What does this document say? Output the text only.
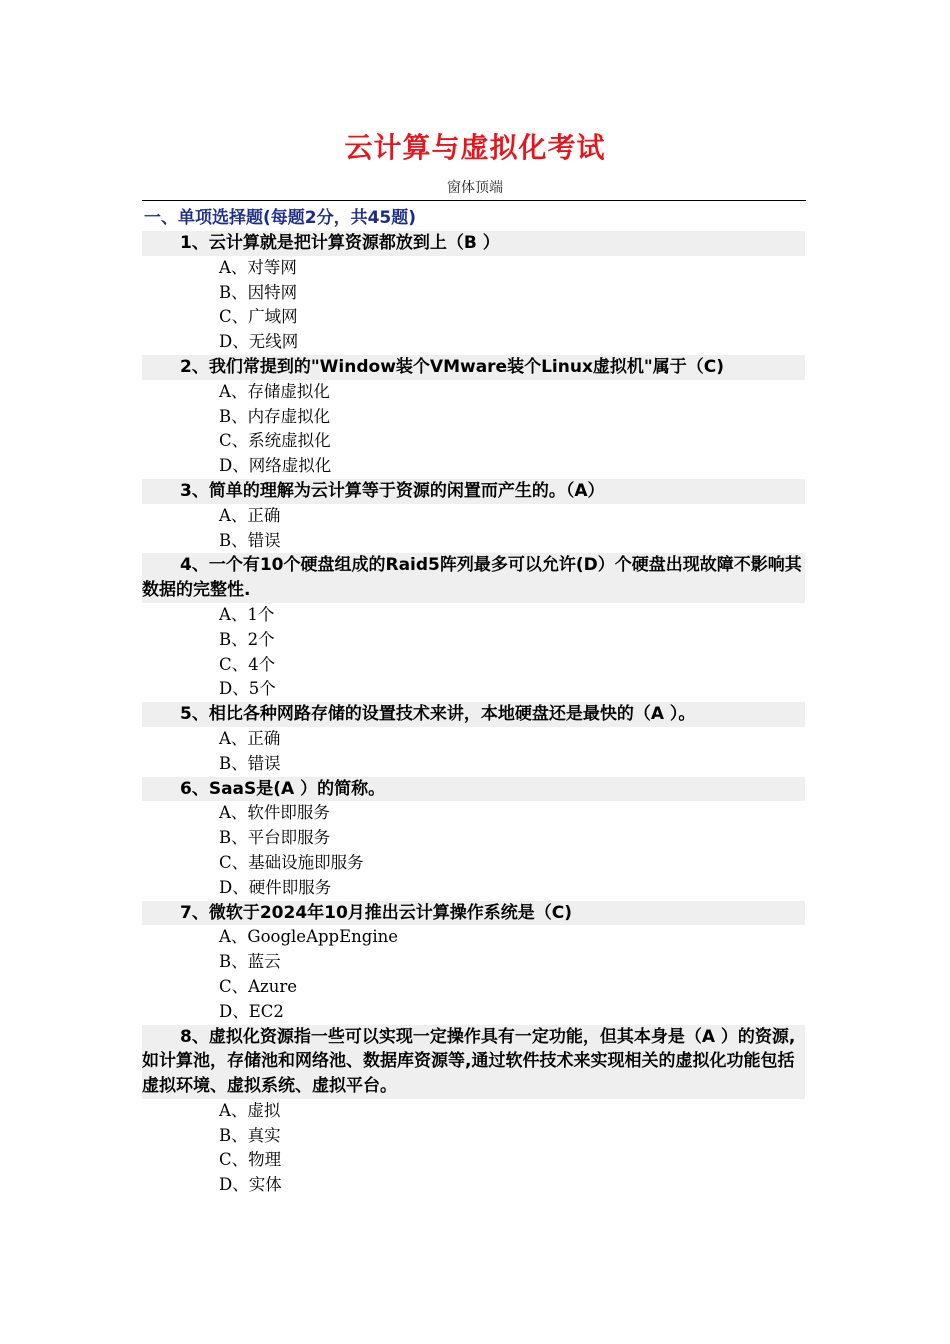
云计算与虚拟化考试
窗体顶端
一、单项选择题(每题2分，共45题)
1、云计算就是把计算资源都放到上（B ）
A、对等网
B、因特网
C、广域网
D、无线网
2、我们常提到的"Window装个VMware装个Linux虚拟机"属于（C)
A、存储虚拟化
B、内存虚拟化
C、系统虚拟化
D、网络虚拟化
3、简单的理解为云计算等于资源的闲置而产生的。（A）
A、正确
B、错误
4、一个有10个硬盘组成的Raid5阵列最多可以允许(D）个硬盘出现故障不影响其数据的完整性.
A、1个
B、2个
C、4个
D、5个
5、相比各种网路存储的设置技术来讲，本地硬盘还是最快的（A ）。
A、正确
B、错误
6、SaaS是(A ）的简称。
A、软件即服务
B、平台即服务
C、基础设施即服务
D、硬件即服务
7、微软于2024年10月推出云计算操作系统是（C)
A、GoogleAppEngine
B、蓝云
C、Azure
D、EC2
8、虚拟化资源指一些可以实现一定操作具有一定功能，但其本身是（A ）的资源,如计算池，存储池和网络池、数据库资源等,通过软件技术来实现相关的虚拟化功能包括虚拟环境、虚拟系统、虚拟平台。
A、虚拟
B、真实
C、物理
D、实体
